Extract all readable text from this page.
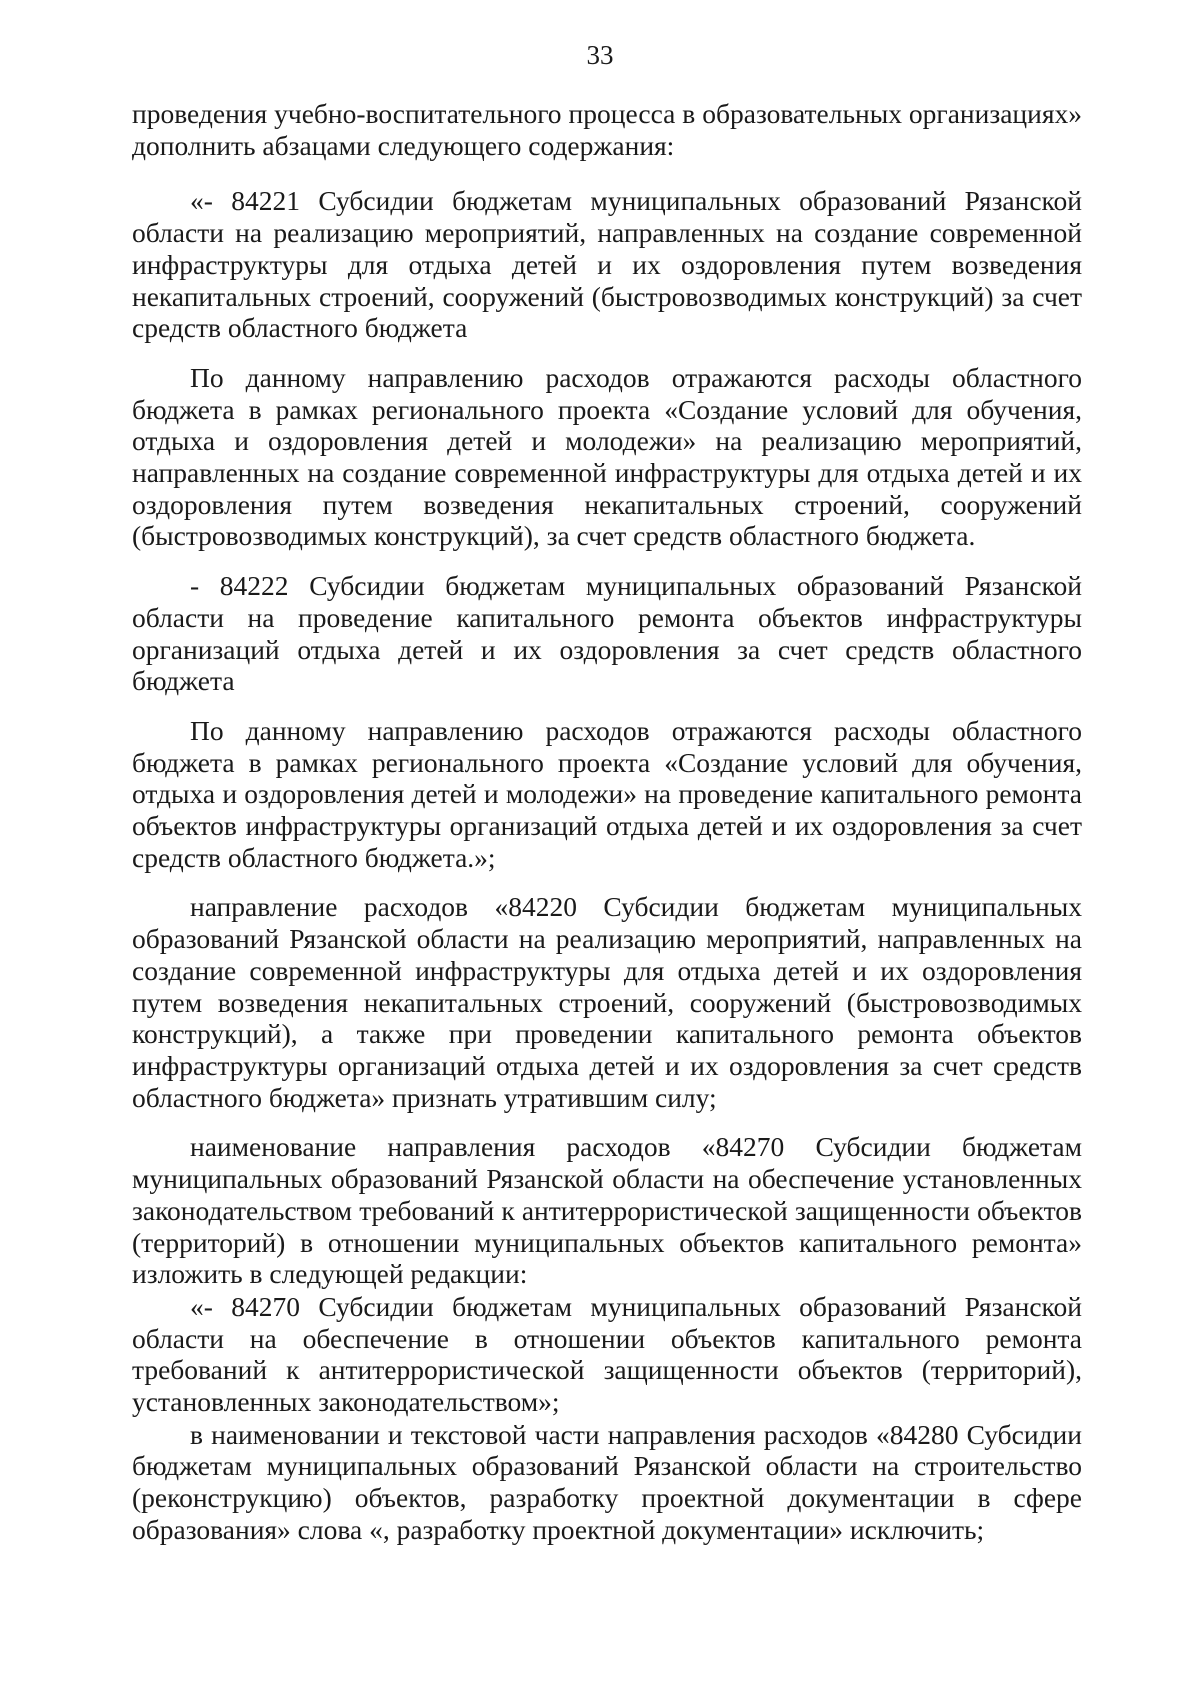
33

проведения учебно-воспитательного процесса в образовательных организациях» дополнить абзацами следующего содержания:

«- 84221 Субсидии бюджетам муниципальных образований Рязанской области на реализацию мероприятий, направленных на создание современной инфраструктуры для отдыха детей и их оздоровления путем возведения некапитальных строений, сооружений (быстровозводимых конструкций) за счет средств областного бюджета

По данному направлению расходов отражаются расходы областного бюджета в рамках регионального проекта «Создание условий для обучения, отдыха и оздоровления детей и молодежи» на реализацию мероприятий, направленных на создание современной инфраструктуры для отдыха детей и их оздоровления путем возведения некапитальных строений, сооружений (быстровозводимых конструкций), за счет средств областного бюджета.

- 84222 Субсидии бюджетам муниципальных образований Рязанской области на проведение капитального ремонта объектов инфраструктуры организаций отдыха детей и их оздоровления за счет средств областного бюджета

По данному направлению расходов отражаются расходы областного бюджета в рамках регионального проекта «Создание условий для обучения, отдыха и оздоровления детей и молодежи» на проведение капитального ремонта объектов инфраструктуры организаций отдыха детей и их оздоровления за счет средств областного бюджета.»;

направление расходов «84220 Субсидии бюджетам муниципальных образований Рязанской области на реализацию мероприятий, направленных на создание современной инфраструктуры для отдыха детей и их оздоровления путем возведения некапитальных строений, сооружений (быстровозводимых конструкций), а также при проведении капитального ремонта объектов инфраструктуры организаций отдыха детей и их оздоровления за счет средств областного бюджета» признать утратившим силу;

наименование направления расходов «84270 Субсидии бюджетам муниципальных образований Рязанской области на обеспечение установленных законодательством требований к антитеррористической защищенности объектов (территорий) в отношении муниципальных объектов капитального ремонта» изложить в следующей редакции:

«- 84270 Субсидии бюджетам муниципальных образований Рязанской области на обеспечение в отношении объектов капитального ремонта требований к антитеррористической защищенности объектов (территорий), установленных законодательством»;

в наименовании и текстовой части направления расходов «84280 Субсидии бюджетам муниципальных образований Рязанской области на строительство (реконструкцию) объектов, разработку проектной документации в сфере образования» слова «, разработку проектной документации» исключить;
